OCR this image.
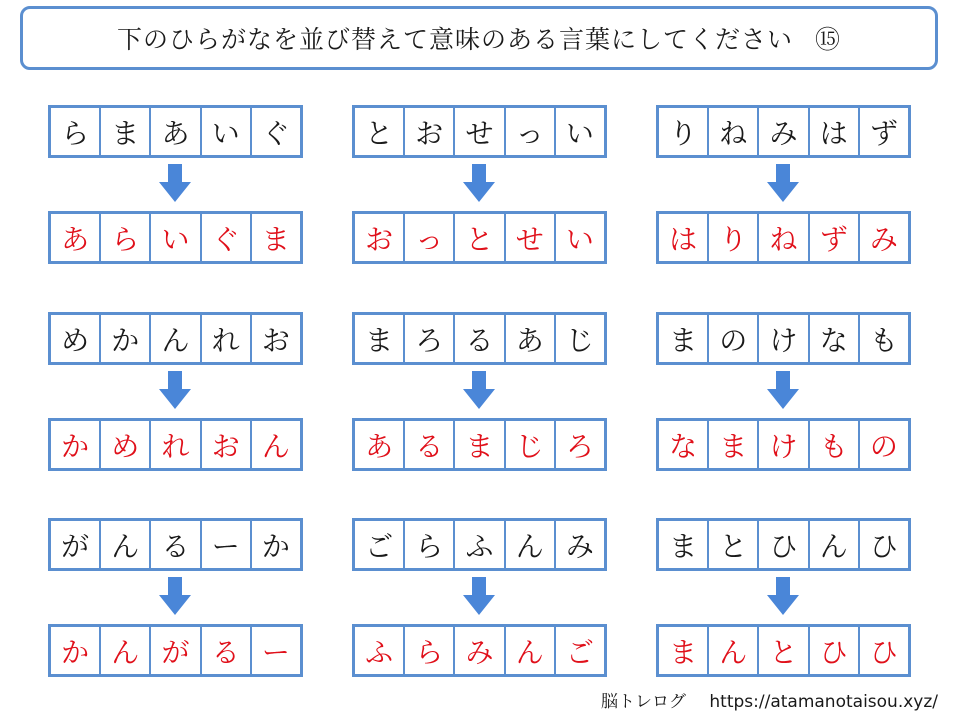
下のひらがなを並び替えて意味のある言葉にしてください ⑮
ら ま あ い ぐ
あ ら い ぐ ま
と お せ っ い
お っ と せ い
り ね み は ず
は り ね ず み
め か ん れ お
か め れ お ん
ま ろ る あ じ
あ る ま じ ろ
ま の け な も
な ま け も の
が ん る ー か
か ん が る ー
ご ら ふ ん み
ふ ら み ん ご
ま と ひ ん ひ
ま ん と ひ ひ
脳トレログ https://atamanotaisou.xyz/
